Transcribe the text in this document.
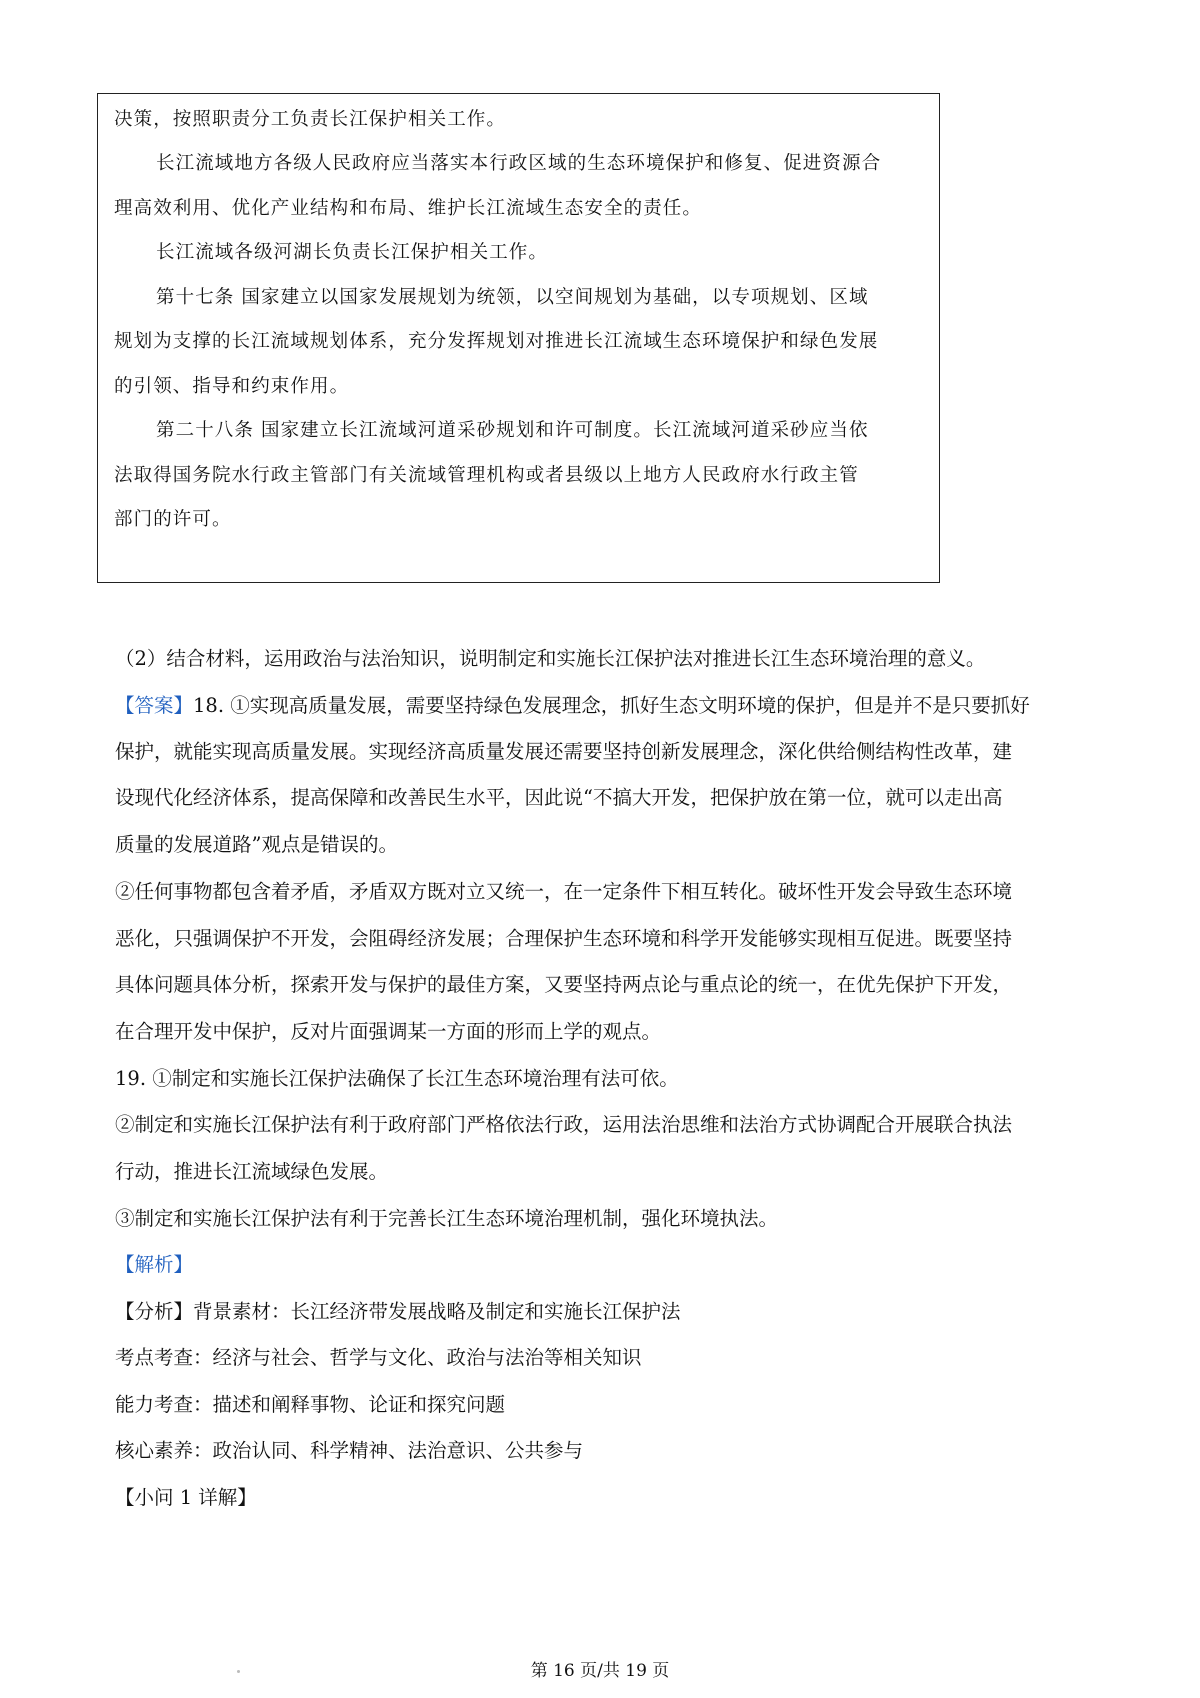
决策，按照职责分工负责长江保护相关工作。

长江流域地方各级人民政府应当落实本行政区域的生态环境保护和修复、促进资源合

理高效利用、优化产业结构和布局、维护长江流域生态安全的责任。

长江流域各级河湖长负责长江保护相关工作。

第十七条 国家建立以国家发展规划为统领，以空间规划为基础，以专项规划、区域

规划为支撑的长江流域规划体系，充分发挥规划对推进长江流域生态环境保护和绿色发展

的引领、指导和约束作用。

第二十八条 国家建立长江流域河道采砂规划和许可制度。长江流域河道采砂应当依

法取得国务院水行政主管部门有关流域管理机构或者县级以上地方人民政府水行政主管

部门的许可。

（2）结合材料，运用政治与法治知识，说明制定和实施长江保护法对推进长江生态环境治理的意义。

【答案】18. ①实现高质量发展，需要坚持绿色发展理念，抓好生态文明环境的保护，但是并不是只要抓好

保护，就能实现高质量发展。实现经济高质量发展还需要坚持创新发展理念，深化供给侧结构性改革，建

设现代化经济体系，提高保障和改善民生水平，因此说“不搞大开发，把保护放在第一位，就可以走出高

质量的发展道路”观点是错误的。

②任何事物都包含着矛盾，矛盾双方既对立又统一，在一定条件下相互转化。破坏性开发会导致生态环境

恶化，只强调保护不开发，会阻碍经济发展；合理保护生态环境和科学开发能够实现相互促进。既要坚持

具体问题具体分析，探索开发与保护的最佳方案，又要坚持两点论与重点论的统一，在优先保护下开发，

在合理开发中保护，反对片面强调某一方面的形而上学的观点。

19. ①制定和实施长江保护法确保了长江生态环境治理有法可依。

②制定和实施长江保护法有利于政府部门严格依法行政，运用法治思维和法治方式协调配合开展联合执法

行动，推进长江流域绿色发展。

③制定和实施长江保护法有利于完善长江生态环境治理机制，强化环境执法。

【解析】

【分析】背景素材：长江经济带发展战略及制定和实施长江保护法

考点考查：经济与社会、哲学与文化、政治与法治等相关知识

能力考查：描述和阐释事物、论证和探究问题

核心素养：政治认同、科学精神、法治意识、公共参与

【小问 1 详解】

第 16 页/共 19 页
